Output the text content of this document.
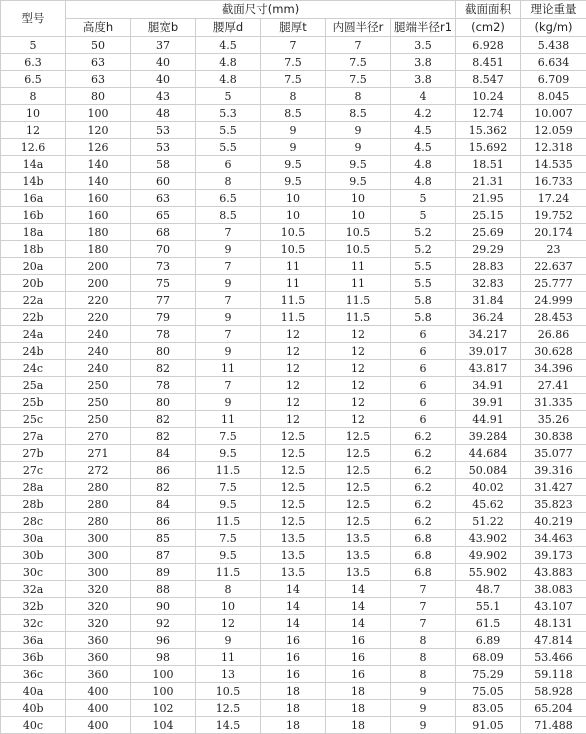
型号	截面尺寸(mm)						截面面积	理论重量
	高度h	腿宽b	腰厚d	腿厚t	内圆半径r	腿端半径r1	(cm2)	(kg/m)
5	50	37	4.5	7	7	3.5	6.928	5.438
6.3	63	40	4.8	7.5	7.5	3.8	8.451	6.634
6.5	63	40	4.8	7.5	7.5	3.8	8.547	6.709
8	80	43	5	8	8	4	10.24	8.045
10	100	48	5.3	8.5	8.5	4.2	12.74	10.007
12	120	53	5.5	9	9	4.5	15.362	12.059
12.6	126	53	5.5	9	9	4.5	15.692	12.318
14a	140	58	6	9.5	9.5	4.8	18.51	14.535
14b	140	60	8	9.5	9.5	4.8	21.31	16.733
16a	160	63	6.5	10	10	5	21.95	17.24
16b	160	65	8.5	10	10	5	25.15	19.752
18a	180	68	7	10.5	10.5	5.2	25.69	20.174
18b	180	70	9	10.5	10.5	5.2	29.29	23
20a	200	73	7	11	11	5.5	28.83	22.637
20b	200	75	9	11	11	5.5	32.83	25.777
22a	220	77	7	11.5	11.5	5.8	31.84	24.999
22b	220	79	9	11.5	11.5	5.8	36.24	28.453
24a	240	78	7	12	12	6	34.217	26.86
24b	240	80	9	12	12	6	39.017	30.628
24c	240	82	11	12	12	6	43.817	34.396
25a	250	78	7	12	12	6	34.91	27.41
25b	250	80	9	12	12	6	39.91	31.335
25c	250	82	11	12	12	6	44.91	35.26
27a	270	82	7.5	12.5	12.5	6.2	39.284	30.838
27b	271	84	9.5	12.5	12.5	6.2	44.684	35.077
27c	272	86	11.5	12.5	12.5	6.2	50.084	39.316
28a	280	82	7.5	12.5	12.5	6.2	40.02	31.427
28b	280	84	9.5	12.5	12.5	6.2	45.62	35.823
28c	280	86	11.5	12.5	12.5	6.2	51.22	40.219
30a	300	85	7.5	13.5	13.5	6.8	43.902	34.463
30b	300	87	9.5	13.5	13.5	6.8	49.902	39.173
30c	300	89	11.5	13.5	13.5	6.8	55.902	43.883
32a	320	88	8	14	14	7	48.7	38.083
32b	320	90	10	14	14	7	55.1	43.107
32c	320	92	12	14	14	7	61.5	48.131
36a	360	96	9	16	16	8	6.89	47.814
36b	360	98	11	16	16	8	68.09	53.466
36c	360	100	13	16	16	8	75.29	59.118
40a	400	100	10.5	18	18	9	75.05	58.928
40b	400	102	12.5	18	18	9	83.05	65.204
40c	400	104	14.5	18	18	9	91.05	71.488
